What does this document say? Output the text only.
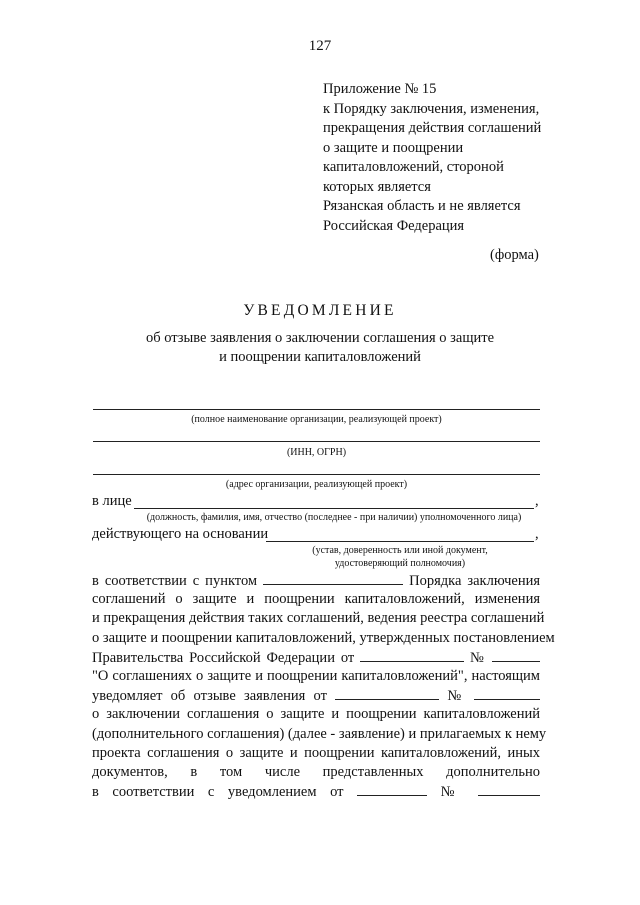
127
Приложение № 15
к Порядку заключения, изменения,
прекращения действия соглашений
о защите и поощрении
капиталовложений, стороной
которых является
Рязанская область и не является
Российская Федерация
(форма)
УВЕДОМЛЕНИЕ
об отзыве заявления о заключении соглашения о защите
и поощрении капиталовложений
(полное наименование организации, реализующей проект)
(ИНН, ОГРН)
(адрес организации, реализующей проект)
в лице	,
(должность, фамилия, имя, отчество (последнее - при наличии) уполномоченного лица)
действующего на основании	,
(устав, доверенность или иной документ,
удостоверяющий полномочия)
в соответствии с пунктом	Порядка заключения
соглашений о защите и поощрении капиталовложений, изменения
и прекращения действия таких соглашений, ведения реестра соглашений
о защите и поощрении капиталовложений, утвержденных постановлением
Правительства Российской Федерации от	№
"О соглашениях о защите и поощрении капиталовложений", настоящим
уведомляет об отзыве заявления от	№
о заключении соглашения о защите и поощрении капиталовложений
(дополнительного соглашения) (далее - заявление) и прилагаемых к нему
проекта соглашения о защите и поощрении капиталовложений, иных
документов, в том числе представленных дополнительно
в соответствии с уведомлением от	№
